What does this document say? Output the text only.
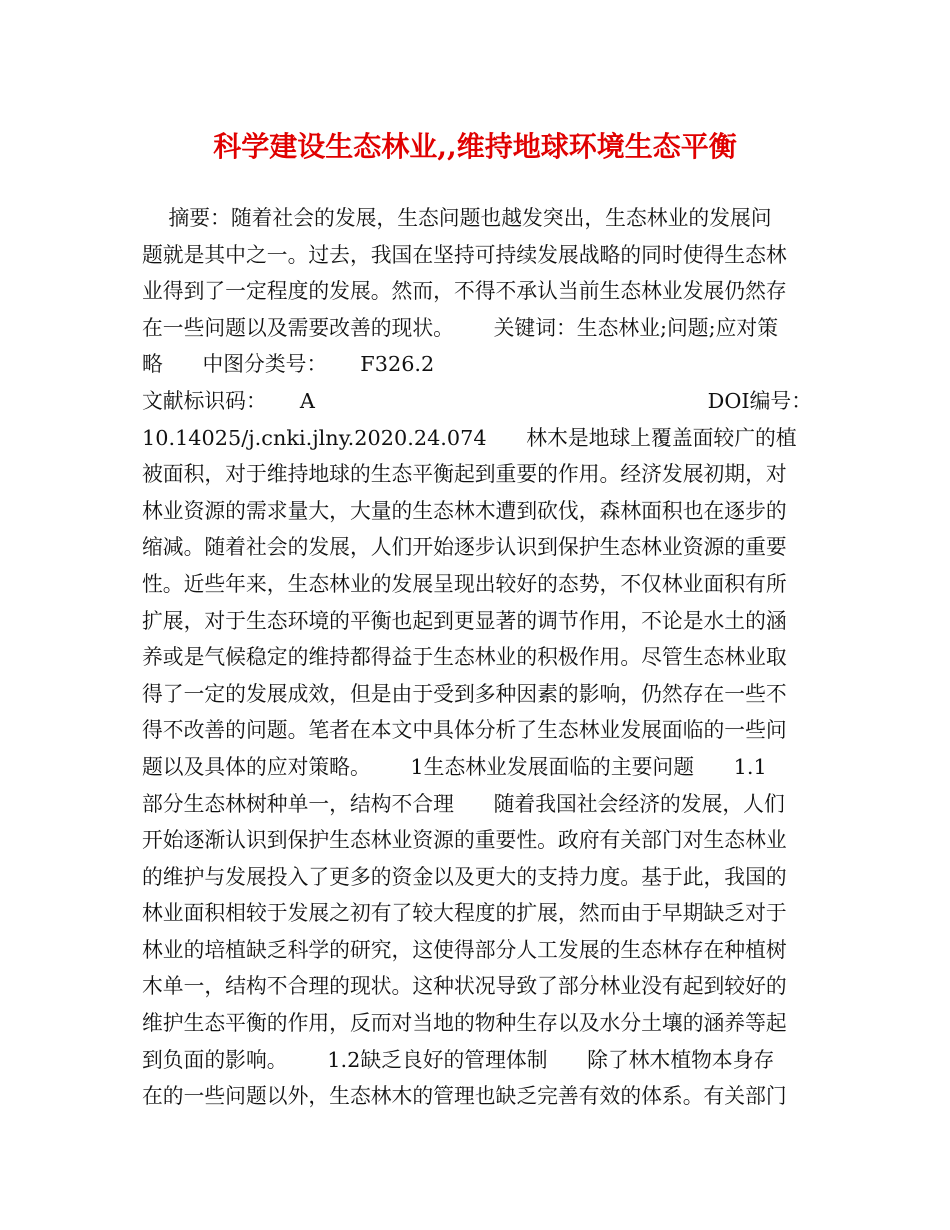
科学建设生态林业,,维持地球环境生态平衡
摘要：随着社会的发展，生态问题也越发突出，生态林业的发展问
题就是其中之一。过去，我国在坚持可持续发展战略的同时使得生态林
业得到了一定程度的发展。然而，不得不承认当前生态林业发展仍然存
在一些问题以及需要改善的现状。      关键词：生态林业;问题;应对策
略      中图分类号：     F326.2
文献标识码：     A	DOI编号：
10.14025/j.cnki.jlny.2020.24.074      林木是地球上覆盖面较广的植
被面积，对于维持地球的生态平衡起到重要的作用。经济发展初期，对
林业资源的需求量大，大量的生态林木遭到砍伐，森林面积也在逐步的
缩减。随着社会的发展，人们开始逐步认识到保护生态林业资源的重要
性。近些年来，生态林业的发展呈现出较好的态势，不仅林业面积有所
扩展，对于生态环境的平衡也起到更显著的调节作用，不论是水土的涵
养或是气候稳定的维持都得益于生态林业的积极作用。尽管生态林业取
得了一定的发展成效，但是由于受到多种因素的影响，仍然存在一些不
得不改善的问题。笔者在本文中具体分析了生态林业发展面临的一些问
题以及具体的应对策略。      1生态林业发展面临的主要问题      1.1
部分生态林树种单一，结构不合理      随着我国社会经济的发展，人们
开始逐渐认识到保护生态林业资源的重要性。政府有关部门对生态林业
的维护与发展投入了更多的资金以及更大的支持力度。基于此，我国的
林业面积相较于发展之初有了较大程度的扩展，然而由于早期缺乏对于
林业的培植缺乏科学的研究，这使得部分人工发展的生态林存在种植树
木单一，结构不合理的现状。这种状况导致了部分林业没有起到较好的
维护生态平衡的作用，反而对当地的物种生存以及水分土壤的涵养等起
到负面的影响。      1.2缺乏良好的管理体制      除了林木植物本身存
在的一些问题以外，生态林木的管理也缺乏完善有效的体系。有关部门
